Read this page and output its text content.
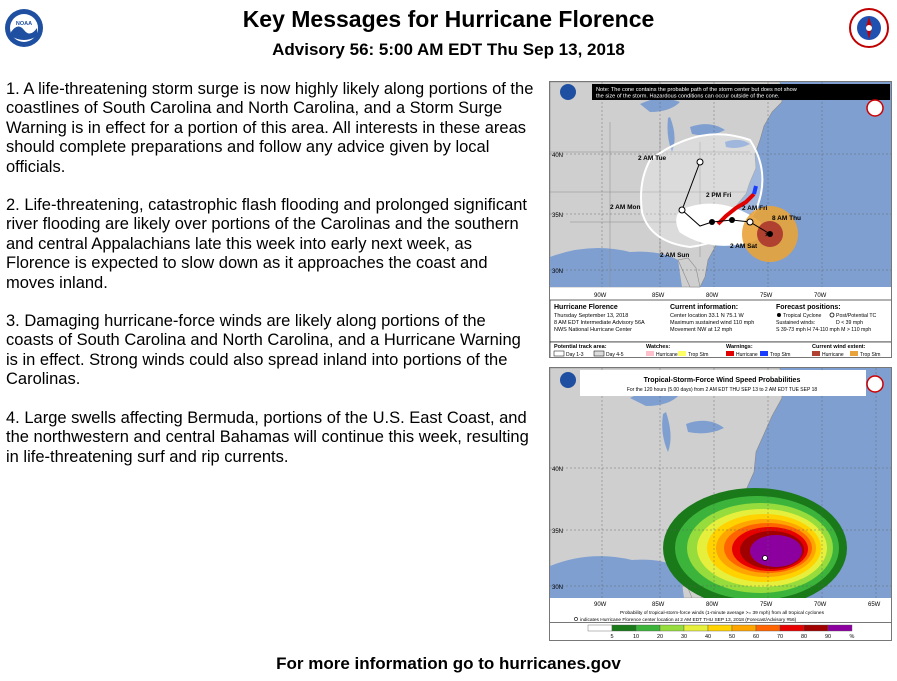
NOAA	Key Messages for Hurricane Florence
Advisory 56: 5:00 AM EDT Thu Sep 13, 2018

1. A life-threatening storm surge is now highly likely along portions of the coastlines of South Carolina and North Carolina, and a Storm Surge Warning is in effect for a portion of this area. All interests in these areas should complete preparations and follow any advice given by local officials.

2. Life-threatening, catastrophic flash flooding and prolonged significant river flooding are likely over portions of the Carolinas and the southern and central Appalachians late this week into early next week, as Florence is expected to slow down as it approaches the coast and moves inland.

3. Damaging hurricane-force winds are likely along portions of the coasts of South Carolina and North Carolina, and a Hurricane Warning is in effect. Strong winds could also spread inland into portions of the Carolinas.

4. Large swells affecting Bermuda, portions of the U.S. East Coast, and the northwestern and central Bahamas will continue this week, resulting in life-threatening surf and rip currents.

×
Note: The cone contains the probable path of the storm center but does not show the size of the storm. Hazardous conditions can occur outside of the cone.
2 AM Tue
2 AM Mon
2 PM Fri
2 AM Fri
8 AM Thu
2 AM Sat
2 AM Sun
40N
35N
30N
90W	85W	80W	75W	70W
Hurricane Florence
Thursday September 13, 2018
8 AM EDT Intermediate Advisory 56A
NWS National Hurricane Center
Current information:
Center location 33.1 N 75.1 W
Maximum sustained wind 110 mph
Movement NW at 12 mph
Forecast positions:
Tropical Cyclone	Post/Potential TC
Sustained winds:	D < 39 mph
S 39-73 mph H 74-110 mph M > 110 mph
Potential track area:
Day 1-3	Day 4-5
Watches:
Hurricane Trop Stm
Warnings:
Hurricane Trop Stm
Current wind extent:
Hurricane	Trop Stm
Tropical-Storm-Force Wind Speed Probabilities
For the 120 hours (5.00 days) from 2 AM EDT THU SEP 13 to 2 AM EDT TUE SEP 18
40N
35N
30N
90W	85W	80W	75W	70W	65W
Probability of tropical-storm-force winds (1-minute average >= 39 mph) from all tropical cyclones
indicates Hurricane Florence center location at 2 AM EDT THU SEP 13, 2018 (Forecast/Advisory #56)
5	10	20	30	40	50	60	70	80	90	%
For more information go to hurricanes.gov
